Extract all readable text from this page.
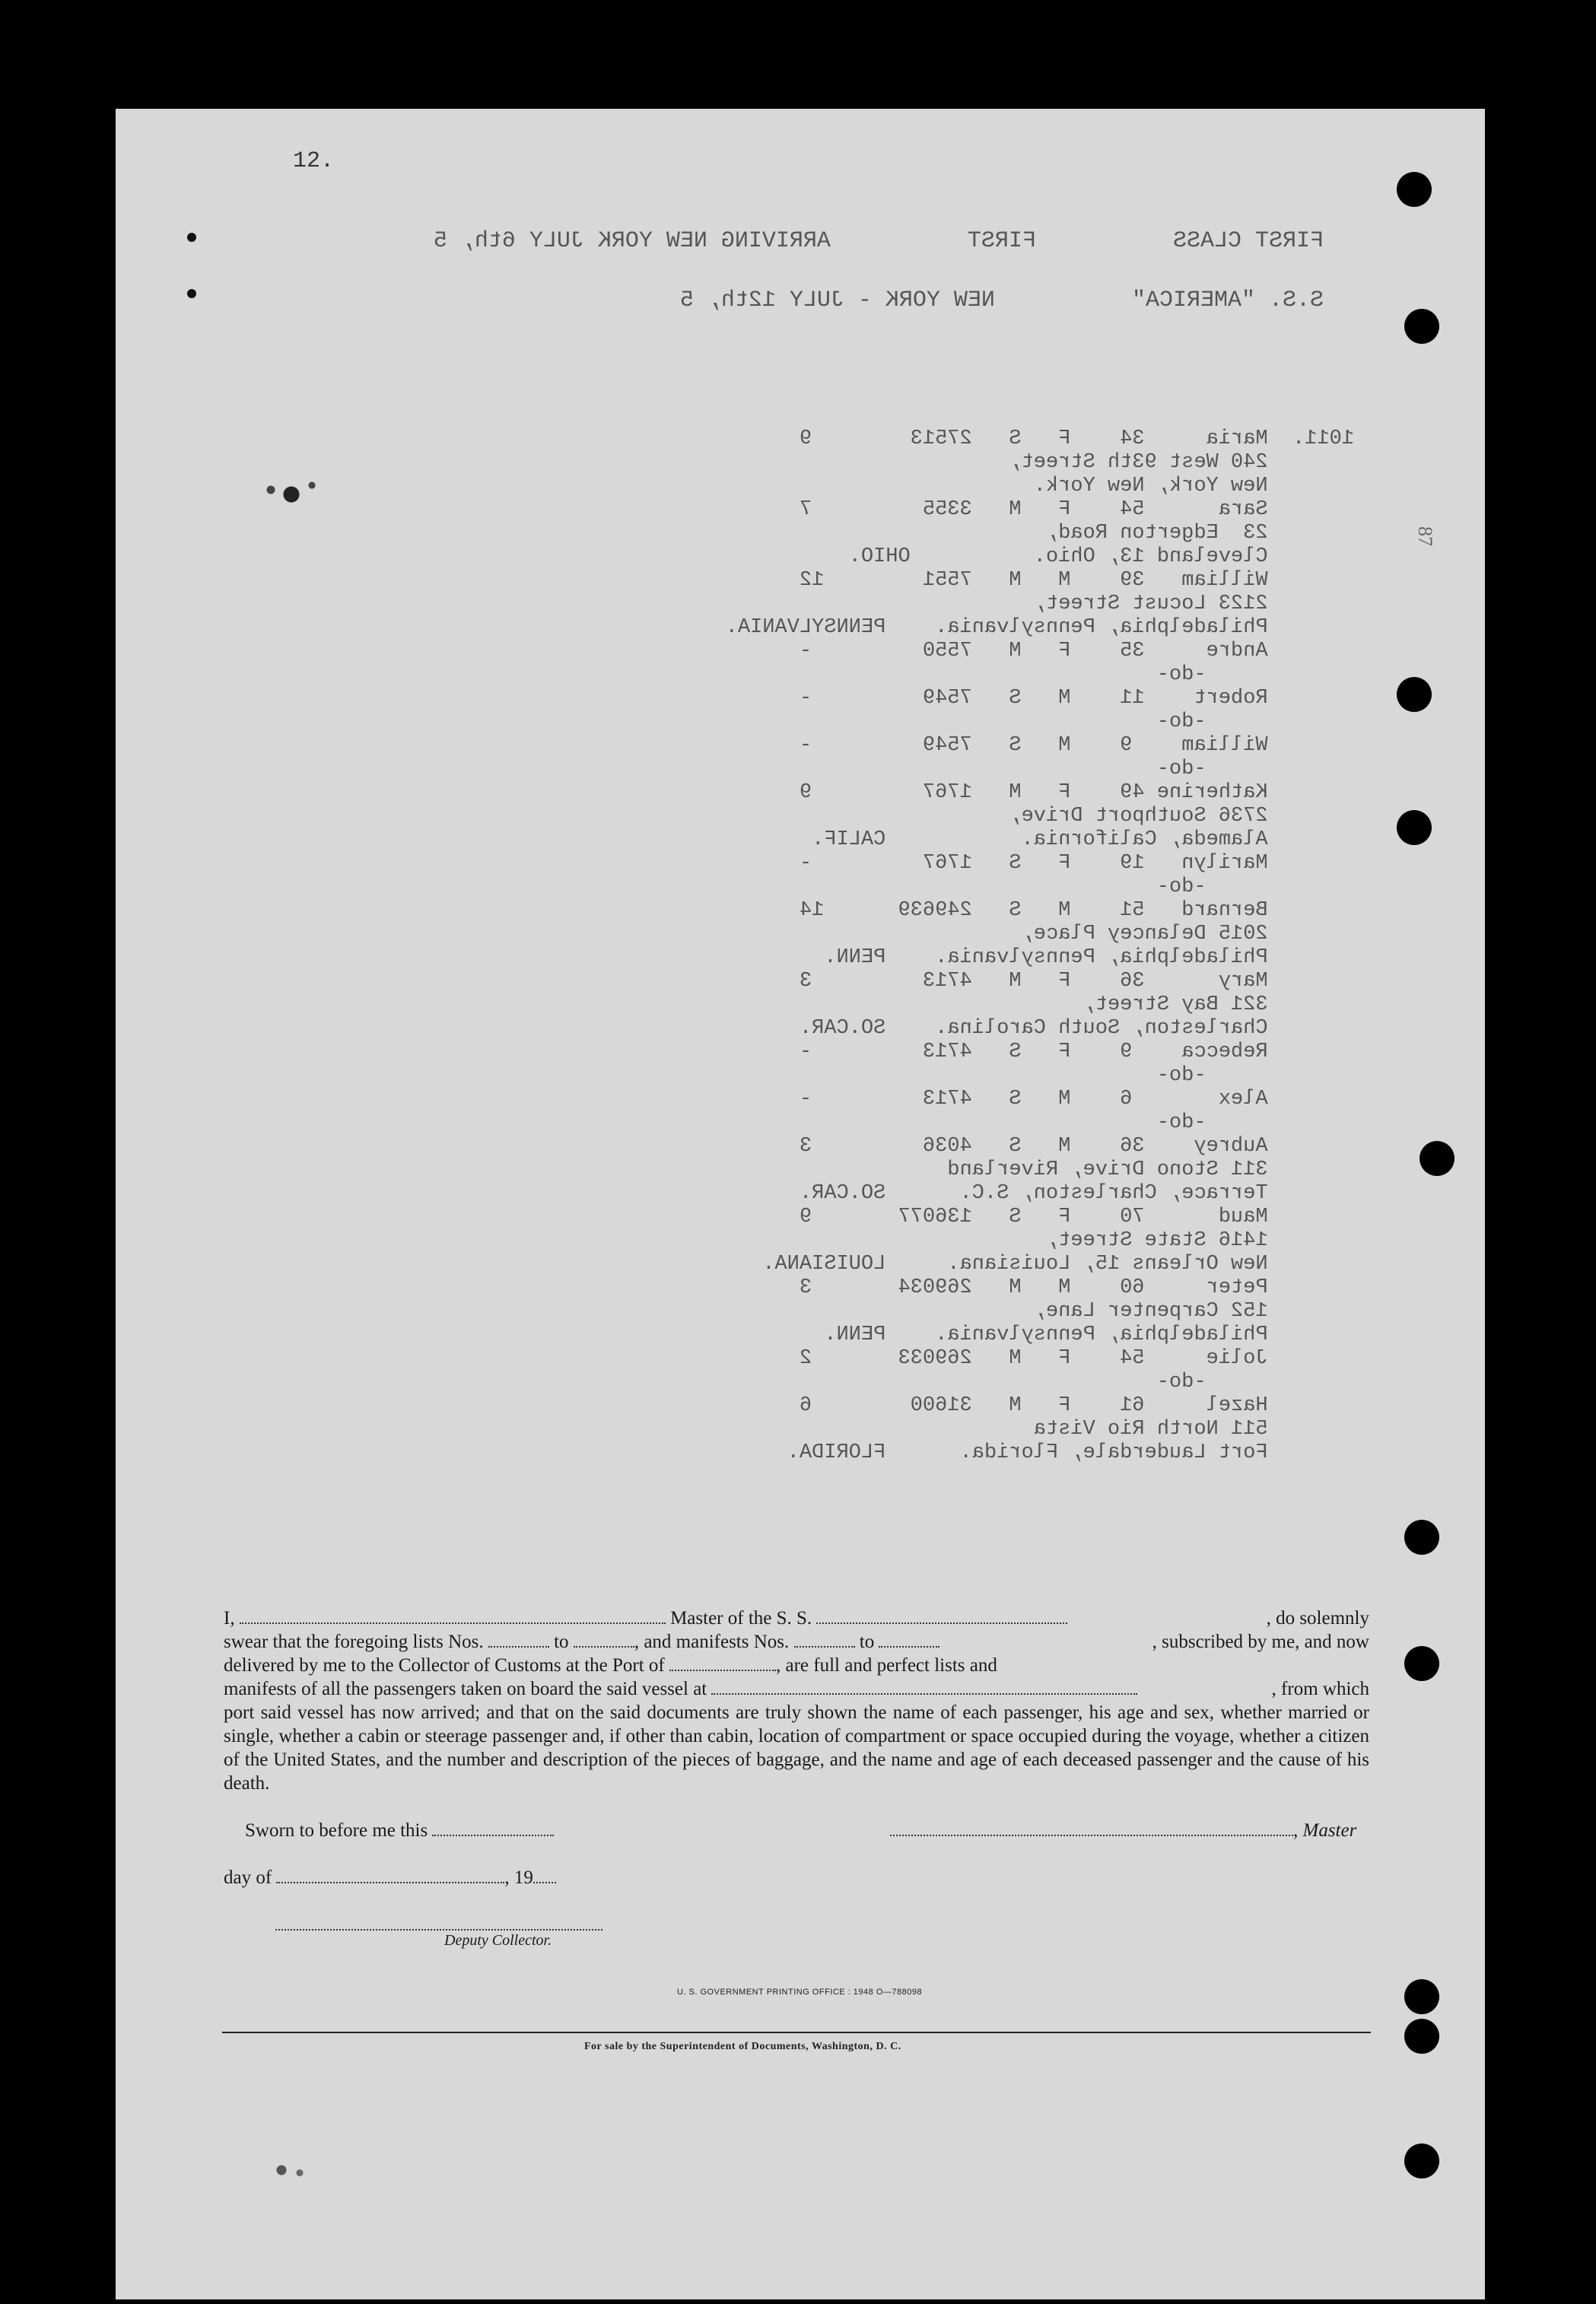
12.
87
FIRST CLASS          FIRST          ARRIVING NEW YORK JULY 6th, 5
S.S. "AMERICA"          NEW YORK - JULY 12th, 5
1011.  Maria     34    F   S   27513        9
240 West 93th Street,
New York, New York.
Sara      54    F   M   3355         7
23  Edgerton Road,
Cleveland 13, Ohio.          OHIO.
William   39    M   M   7551        12
2123 Locust Street,
Philadelphia, Pennsylvania.    PENNSYLVANIA.
Andre     35    F   M   7550         -
-do-
Robert    11    M   S   7549         -
-do-
William    9    M   S   7549         -
-do-
Katherine 49    F   M   1767         9
2736 Southport Drive,
Alameda, California.           CALIF.
Marilyn   19    F   S   1767         -
-do-
Bernard   51    M   S   249639      14
2015 Delancey Place,
Philadelphia, Pennsylvania.    PENN.
Mary      36    F   M   4713         3
321 Bay Street,
Charleston, South Carolina.    SO.CAR.
Rebecca    9    F   S   4713         -
-do-
Alex       6    M   S   4713         -
-do-
Aubrey    36    M   S   4036         3
311 Stono Drive, Riverland
Terrace, Charleston, S.C.      SO.CAR.
Maud      70    F   S   136077       9
1416 State Street,
New Orleans 15, Louisiana.     LOUISIANA.
Peter     60    M   M   269034       3
152 Carpenter Lane,
Philadelphia, Pennsylvania.    PENN.
Jolie     54    F   M   269033       2
-do-
Hazel     61    F   M   31600        6
511 North Rio Vista
Fort Lauderdale, Florida.      FLORIDA.
I,	Master of the S. S.	, do solemnly
swear that the foregoing lists Nos.	to	, and manifests Nos.	to	, subscribed by me, and now
delivered by me to the Collector of Customs at the Port of	, are full and perfect lists and
manifests of all the passengers taken on board the said vessel at	, from which
port said vessel has now arrived; and that on the said documents are truly shown the name of each passenger, his age and sex, whether married or single, whether a cabin or steerage passenger and, if other than cabin, location of compartment or space occupied during the voyage, whether a citizen of the United States, and the number and description of the pieces of baggage, and the name and age of each deceased passenger and the cause of his death.
Sworn to before me this	, Master
day of	, 19
Deputy Collector.
U. S. GOVERNMENT PRINTING OFFICE : 1948 O—788098
For sale by the Superintendent of Documents, Washington, D. C.
